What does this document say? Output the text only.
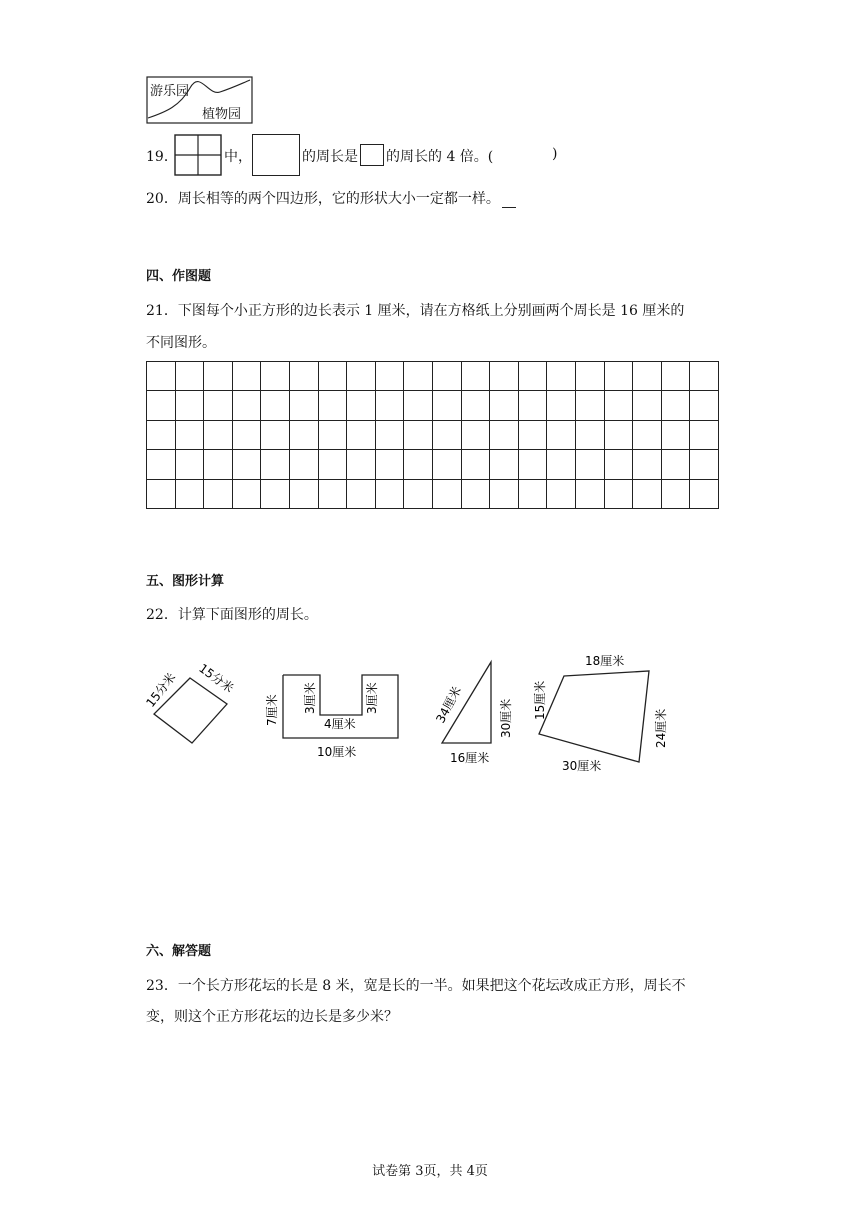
游乐园
植物园
19．	中，	的周长是 的周长的 4 倍。(	)
20．周长相等的两个四边形，它的形状大小一定都一样。
四、作图题
21．下图每个小正方形的边长表示 1 厘米，请在方格纸上分别画两个周长是 16 厘米的
不同图形。

五、图形计算
22．计算下面图形的周长。
15分米 15分米
7厘米 3厘米	3厘米
4厘米
10厘米
34厘米	30厘米
16厘米
18厘米
15厘米
24厘米
30厘米
六、解答题
23．一个长方形花坛的长是 8 米，宽是长的一半。如果把这个花坛改成正方形，周长不
变，则这个正方形花坛的边长是多少米？
试卷第 3页，共 4页
